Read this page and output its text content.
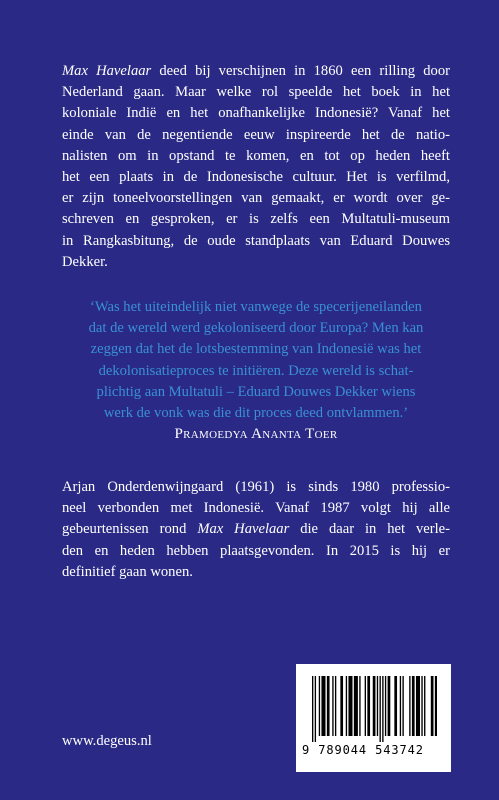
Max Havelaar deed bij verschijnen in 1860 een rilling door
Nederland gaan. Maar welke rol speelde het boek in het
koloniale Indië en het onafhankelijke Indonesië? Vanaf het
einde van de negentiende eeuw inspireerde het de natio-
nalisten om in opstand te komen, en tot op heden heeft
het een plaats in de Indonesische cultuur. Het is verfilmd,
er zijn toneelvoorstellingen van gemaakt, er wordt over ge-
schreven en gesproken, er is zelfs een Multatuli-museum
in Rangkasbitung, de oude standplaats van Eduard Douwes
Dekker.

‘Was het uiteindelijk niet vanwege de specerijeneilanden
dat de wereld werd gekoloniseerd door Europa? Men kan
zeggen dat het de lotsbestemming van Indonesië was het
dekolonisatieproces te initiëren. Deze wereld is schat-
plichtig aan Multatuli – Eduard Douwes Dekker wiens
werk de vonk was die dit proces deed ontvlammen.’
Pramoedya Ananta Toer

Arjan Onderdenwijngaard (1961) is sinds 1980 professio-
neel verbonden met Indonesië. Vanaf 1987 volgt hij alle
gebeurtenissen rond Max Havelaar die daar in het verle-
den en heden hebben plaatsgevonden. In 2015 is hij er
definitief gaan wonen.

www.degeus.nl
9 789044 543742
